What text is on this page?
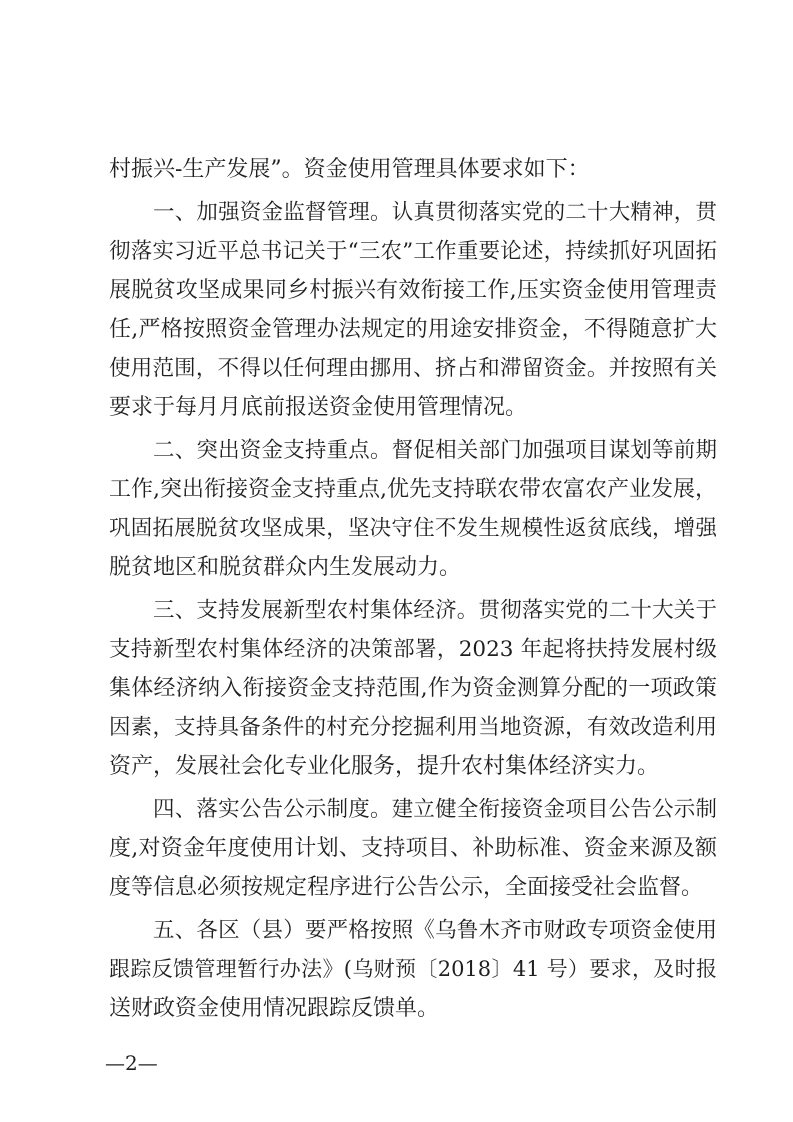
村振兴-生产发展”。资金使用管理具体要求如下：
一、加强资金监督管理。认真贯彻落实党的二十大精神，贯
彻落实习近平总书记关于“三农”工作重要论述，持续抓好巩固拓
展脱贫攻坚成果同乡村振兴有效衔接工作,压实资金使用管理责
任,严格按照资金管理办法规定的用途安排资金，不得随意扩大
使用范围，不得以任何理由挪用、挤占和滞留资金。并按照有关
要求于每月月底前报送资金使用管理情况。
二、突出资金支持重点。督促相关部门加强项目谋划等前期
工作,突出衔接资金支持重点,优先支持联农带农富农产业发展，
巩固拓展脱贫攻坚成果，坚决守住不发生规模性返贫底线，增强
脱贫地区和脱贫群众内生发展动力。
三、支持发展新型农村集体经济。贯彻落实党的二十大关于
支持新型农村集体经济的决策部署，2023 年起将扶持发展村级
集体经济纳入衔接资金支持范围,作为资金测算分配的一项政策
因素，支持具备条件的村充分挖掘利用当地资源，有效改造利用
资产，发展社会化专业化服务，提升农村集体经济实力。
四、落实公告公示制度。建立健全衔接资金项目公告公示制
度,对资金年度使用计划、支持项目、补助标准、资金来源及额
度等信息必须按规定程序进行公告公示，全面接受社会监督。
五、各区（县）要严格按照《乌鲁木齐市财政专项资金使用
跟踪反馈管理暂行办法》(乌财预〔2018〕41 号）要求，及时报
送财政资金使用情况跟踪反馈单。
—2—
